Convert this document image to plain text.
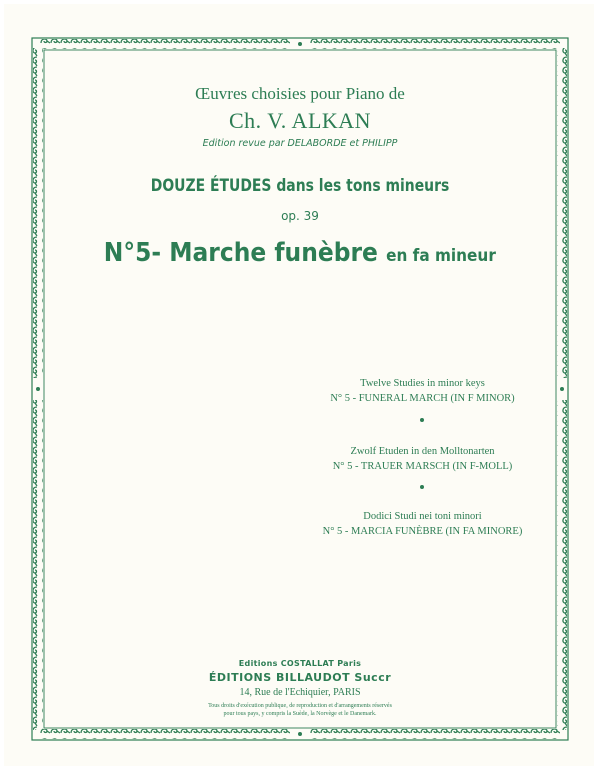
Œuvres choisies pour Piano de
Ch. V. ALKAN
Edition revue par DELABORDE et PHILIPP
DOUZE ÉTUDES dans les tons mineurs
op. 39
N°5- Marche funèbre en fa mineur
Twelve Studies in minor keys
N° 5 - FUNERAL MARCH (IN F MINOR)
Zwolf Etuden in den Molltonarten
N° 5 - TRAUER MARSCH (IN F-MOLL)
Dodici Studi nei toni minori
N° 5 - MARCIA FUNÈBRE (IN FA MINORE)
Editions COSTALLAT Paris
ÉDITIONS BILLAUDOT Succr
14, Rue de l'Echiquier, PARIS
Tous droits d'exécution publique, de reproduction et d'arrangements réservés
pour tous pays, y compris la Suède, la Norvège et le Danemark.
